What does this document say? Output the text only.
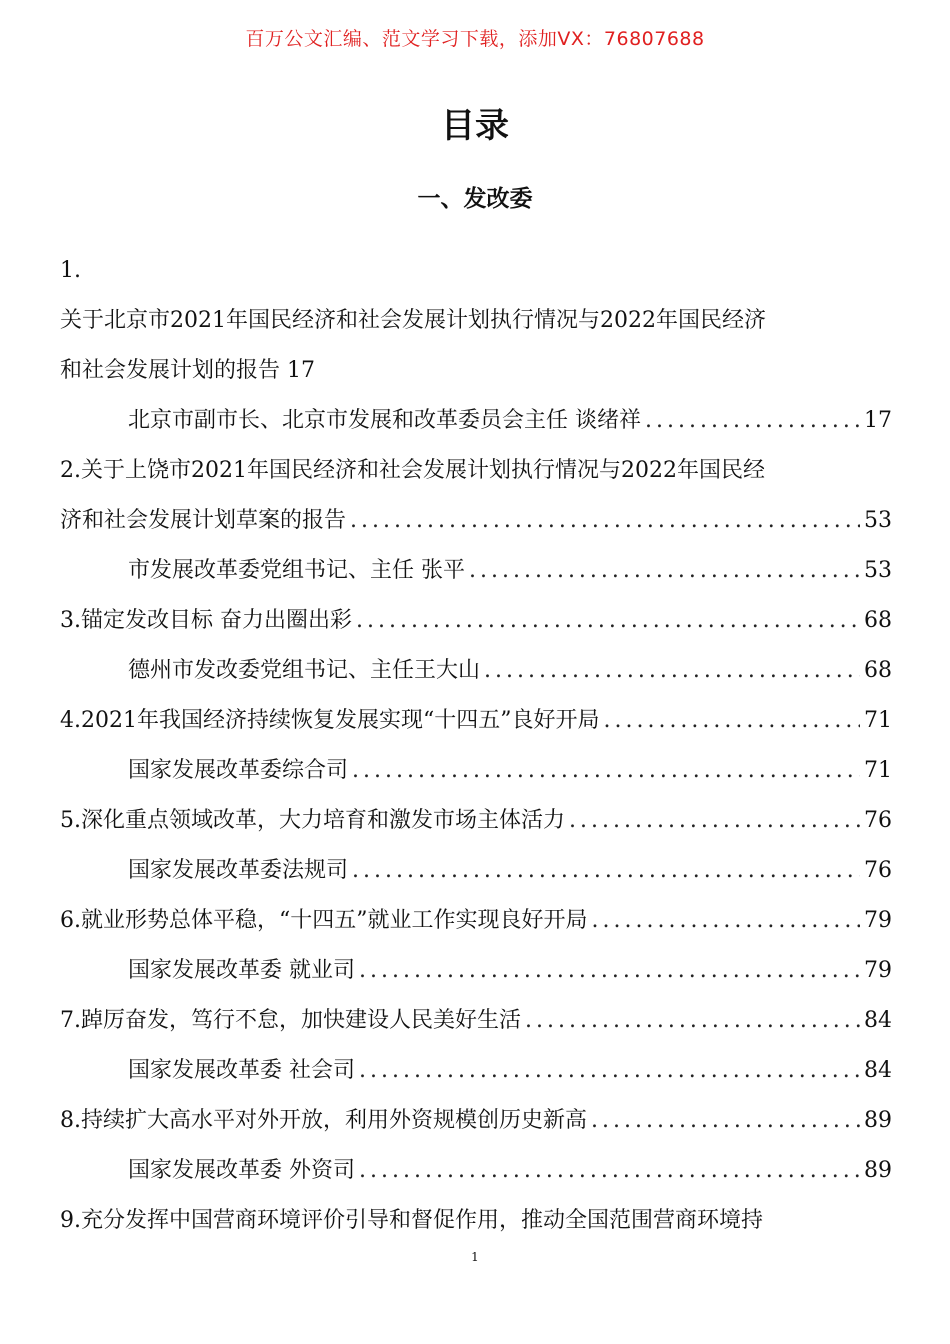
百万公文汇编、范文学习下载，添加VX：76807688
目录
一、发改委
1.
关于北京市2021年国民经济和社会发展计划执行情况与2022年国民经济
和社会发展计划的报告 17
北京市副市长、北京市发展和改革委员会主任 谈绪祥 .....	17
2.关于上饶市2021年国民经济和社会发展计划执行情况与2022年国民经
济和社会发展计划草案的报告 .....	53
市发展改革委党组书记、主任 张平 .....	53
3.锚定发改目标 奋力出圈出彩 .....	68
德州市发改委党组书记、主任王大山 .....	68
4.2021年我国经济持续恢复发展实现“十四五”良好开局 .....	71
国家发展改革委综合司 .....	71
5.深化重点领域改革，大力培育和激发市场主体活力 .....	76
国家发展改革委法规司 .....	76
6.就业形势总体平稳，“十四五”就业工作实现良好开局 .....	79
国家发展改革委 就业司 .....	79
7.踔厉奋发，笃行不怠，加快建设人民美好生活 .....	84
国家发展改革委 社会司 .....	84
8.持续扩大高水平对外开放，利用外资规模创历史新高 .....	89
国家发展改革委 外资司 .....	89
9.充分发挥中国营商环境评价引导和督促作用，推动全国范围营商环境持
1
